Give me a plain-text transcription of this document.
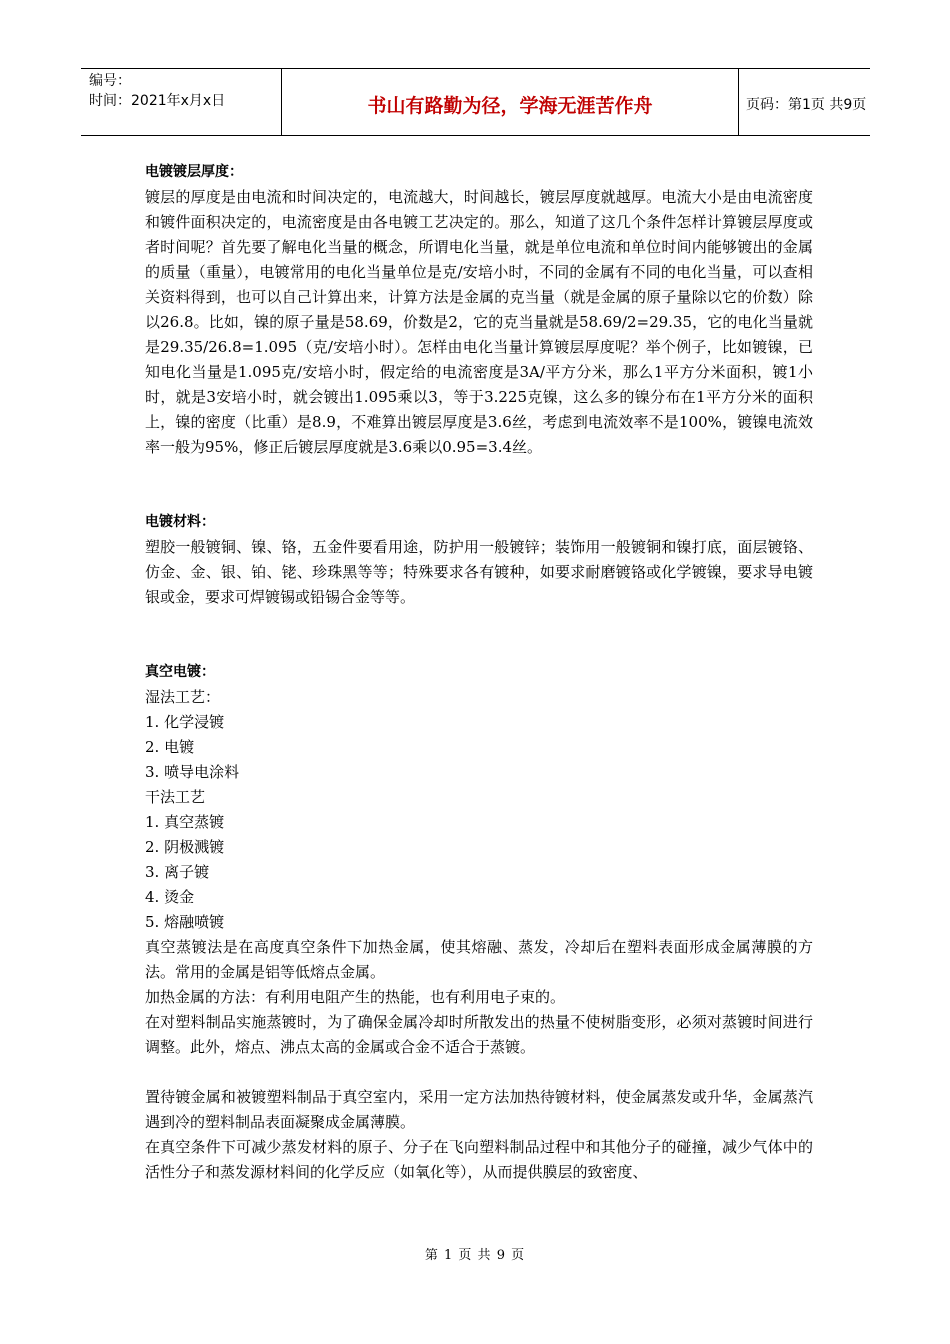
编号：
时间：2021年x月x日	书山有路勤为径，学海无涯苦作舟	页码：第1页 共9页
电镀镀层厚度：
镀层的厚度是由电流和时间决定的，电流越大，时间越长，镀层厚度就越厚。电流大小是由电流密度和镀件面积决定的，电流密度是由各电镀工艺决定的。那么，知道了这几个条件怎样计算镀层厚度或者时间呢？首先要了解电化当量的概念，所谓电化当量，就是单位电流和单位时间内能够镀出的金属的质量（重量），电镀常用的电化当量单位是克/安培小时，不同的金属有不同的电化当量，可以查相关资料得到，也可以自己计算出来，计算方法是金属的克当量（就是金属的原子量除以它的价数）除以26.8。比如，镍的原子量是58.69，价数是2，它的克当量就是58.69/2=29.35，它的电化当量就是29.35/26.8=1.095（克/安培小时）。怎样由电化当量计算镀层厚度呢？举个例子，比如镀镍，已知电化当量是1.095克/安培小时，假定给的电流密度是3A/平方分米，那么1平方分米面积，镀1小时，就是3安培小时，就会镀出1.095乘以3，等于3.225克镍，这么多的镍分布在1平方分米的面积上，镍的密度（比重）是8.9，不难算出镀层厚度是3.6丝，考虑到电流效率不是100%，镀镍电流效率一般为95%，修正后镀层厚度就是3.6乘以0.95=3.4丝。
电镀材料：
塑胶一般镀铜、镍、铬，五金件要看用途，防护用一般镀锌；装饰用一般镀铜和镍打底，面层镀铬、仿金、金、银、铂、铑、珍珠黑等等；特殊要求各有镀种，如要求耐磨镀铬或化学镀镍，要求导电镀银或金，要求可焊镀锡或铅锡合金等等。
真空电镀：
湿法工艺：
1. 化学浸镀
2. 电镀
3. 喷导电涂料
干法工艺
1. 真空蒸镀
2. 阴极溅镀
3. 离子镀
4. 烫金
5. 熔融喷镀
真空蒸镀法是在高度真空条件下加热金属，使其熔融、蒸发，冷却后在塑料表面形成金属薄膜的方法。常用的金属是铝等低熔点金属。
加热金属的方法：有利用电阻产生的热能，也有利用电子束的。
在对塑料制品实施蒸镀时，为了确保金属冷却时所散发出的热量不使树脂变形，必须对蒸镀时间进行调整。此外，熔点、沸点太高的金属或合金不适合于蒸镀。
置待镀金属和被镀塑料制品于真空室内，采用一定方法加热待镀材料，使金属蒸发或升华，金属蒸汽遇到冷的塑料制品表面凝聚成金属薄膜。
在真空条件下可减少蒸发材料的原子、分子在飞向塑料制品过程中和其他分子的碰撞，减少气体中的活性分子和蒸发源材料间的化学反应（如氧化等），从而提供膜层的致密度、
第 1 页 共 9 页
